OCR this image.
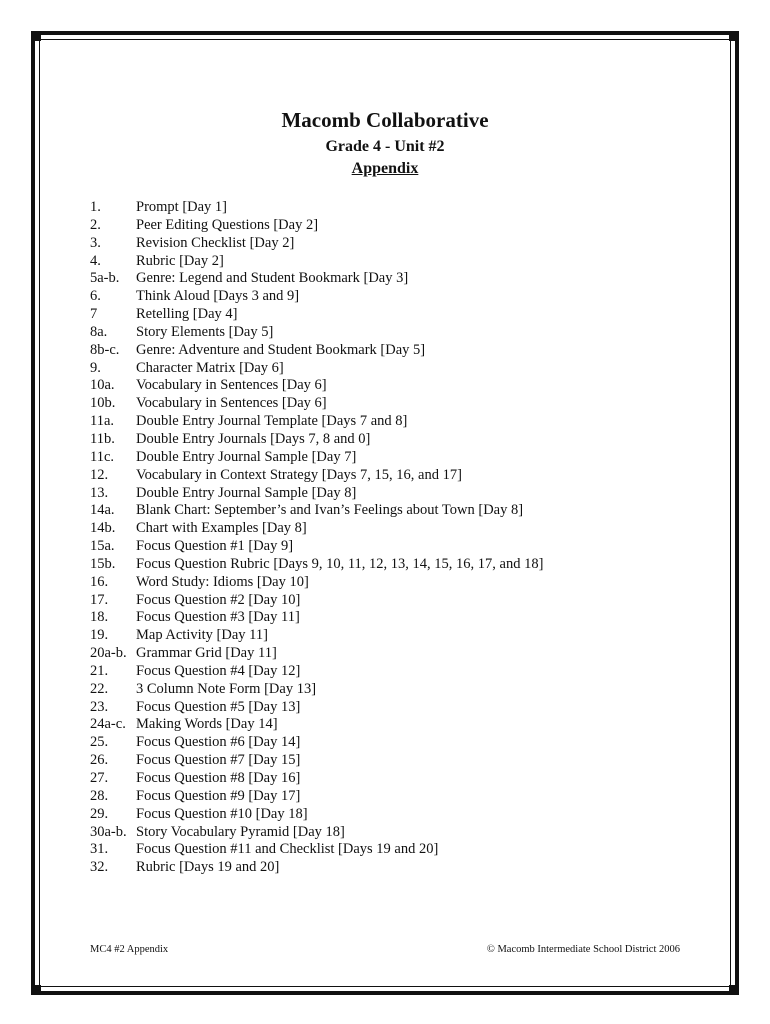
Macomb Collaborative
Grade 4 - Unit #2
Appendix
1.	Prompt [Day 1]
2.	Peer Editing Questions [Day 2]
3.	Revision Checklist [Day 2]
4.	Rubric [Day 2]
5a-b.	Genre: Legend and Student Bookmark [Day 3]
6.	Think Aloud [Days 3 and 9]
7	Retelling [Day 4]
8a.	Story Elements [Day 5]
8b-c.	Genre: Adventure and Student Bookmark [Day 5]
9.	Character Matrix [Day 6]
10a.	Vocabulary in Sentences [Day 6]
10b.	Vocabulary in Sentences [Day 6]
11a.	Double Entry Journal Template [Days 7 and 8]
11b.	Double Entry Journals [Days 7, 8 and 0]
11c.	Double Entry Journal Sample [Day 7]
12.	Vocabulary in Context Strategy [Days 7, 15, 16, and 17]
13.	Double Entry Journal Sample [Day 8]
14a.	Blank Chart: September’s and Ivan’s Feelings about Town [Day 8]
14b.	Chart with Examples [Day 8]
15a.	Focus Question #1 [Day 9]
15b.	Focus Question Rubric [Days 9, 10, 11, 12, 13, 14, 15, 16, 17, and 18]
16.	Word Study: Idioms [Day 10]
17.	Focus Question #2 [Day 10]
18.	Focus Question #3 [Day 11]
19.	Map Activity [Day 11]
20a-b. Grammar Grid [Day 11]
21.	Focus Question #4 [Day 12]
22.	3 Column Note Form [Day 13]
23.	Focus Question #5 [Day 13]
24a-c. Making Words [Day 14]
25.	Focus Question #6 [Day 14]
26.	Focus Question #7 [Day 15]
27.	Focus Question #8 [Day 16]
28.	Focus Question #9 [Day 17]
29.	Focus Question #10 [Day 18]
30a-b. Story Vocabulary Pyramid [Day 18]
31.	Focus Question #11 and Checklist [Days 19 and 20]
32.	Rubric [Days 19 and 20]
MC4 #2 Appendix	© Macomb Intermediate School District 2006
